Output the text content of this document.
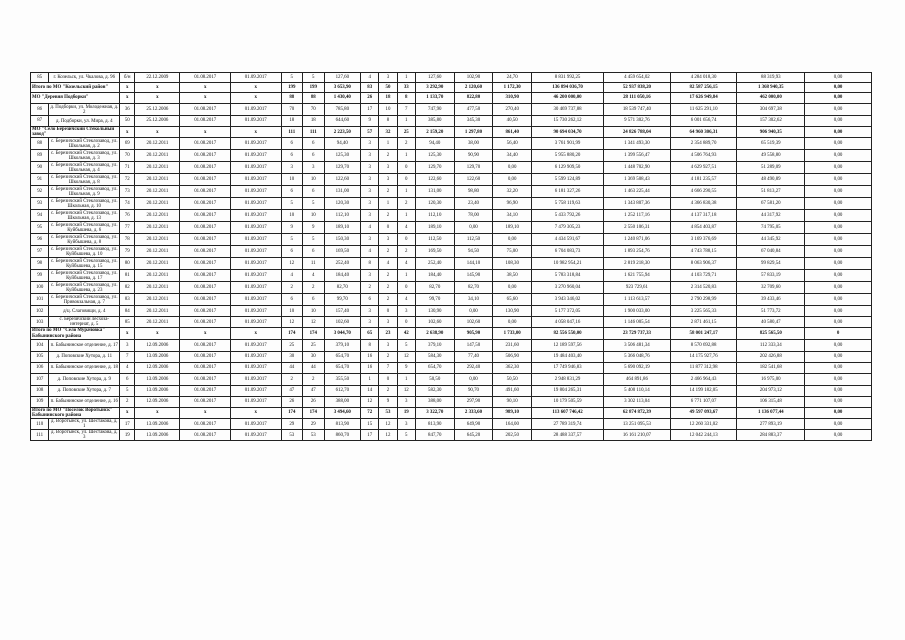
85	г. Козельск, ул. Чкалова, д. 96	б/н	22.12.2009	01.08.2017	01.09.2017	5	5	127,60	4	3	1	127,60	102,90	24,70	8 831 992,25	4 459 654,02	4 284 018,30	88 319,93	0,00
Итого по МО "Козельский район"		x	x	x	x	199	199	3 653,90	83	50	33	3 292,90	2 120,60	1 172,30	136 894 036,70	52 937 838,20	82 587 256,15	1 368 940,35	0,00
МО "Деревня Подборки"		x	x	x	x	88	88	1 430,40	26	18	8	1 133,70	822,80	310,90	46 200 000,00	28 111 050,16	17 626 949,84	462 000,00	0,00
86	д. Подборки, ул. Молодежная, д. 2	36	25.12.2006	01.08.2017	01.09.2017	70	70	785,80	17	10	7	747,90	477,50	270,40	30 469 737,88	18 539 747,40	11 625 291,10	304 697,38	0,00
87	д. Подборки, ул. Мира, д. 4	50	25.12.2006	01.08.2017	01.09.2017	18	18	644,60	9	8	1	385,80	345,30	40,50	15 730 262,12	9 571 302,76	6 001 656,74	157 302,62	0,00
МО "Село Березичский Стекольный завод"		x	x	x	x	111	111	2 223,50	57	32	25	2 159,20	1 297,80	861,40	90 694 034,70	24 826 788,04	64 960 306,31	906 940,35	0,00
88	с. Березичский Стеклозавод, ул. Школьная, д. 2	69	20.12.2011	01.08.2017	01.09.2017	6	6	94,40	3	1	2	94,40	38,00	56,40	3 761 901,99	1 341 493,30	2 354 889,70	65 519,39	0,00
89	с. Березичский Стеклозавод, ул. Школьная, д. 3	70	20.12.2011	01.08.2017	01.09.2017	6	6	125,30	3	2	1	125,30	90,90	34,40	5 955 880,20	1 399 556,47	4 506 764,93	49 558,80	0,00
90	с. Березичский Стеклозавод, ул. Школьная, д. 4	71	20.12.2011	01.08.2017	01.09.2017	3	3	129,70	3	3	0	129,70	129,70	0,00	6 129 909,50	1 448 702,90	4 629 927,51	51 289,09	0,00
91	с. Березичский Стеклозавод, ул. Школьная, д. 8	72	20.12.2011	01.08.2017	01.09.2017	10	10	122,60	3	3	0	122,60	122,60	0,00	5 599 124,89	1 369 508,43	4 181 235,57	48 490,89	0,00
92	с. Березичский Стеклозавод, ул. Школьная, д. 9	73	20.12.2011	01.08.2017	01.09.2017	6	6	131,00	3	2	1	131,00	98,80	32,20	6 181 327,26	1 463 225,44	4 666 290,55	51 813,27	0,00
93	с. Березичский Стеклозавод, ул. Школьная, д. 10	74	20.12.2011	01.08.2017	01.09.2017	5	5	120,30	3	1	2	120,30	23,40	96,90	5 758 119,63	1 343 807,36	4 366 830,38	67 581,20	0,00
94	с. Березичский Стеклозавод, ул. Школьная, д. 13	76	20.12.2011	01.08.2017	01.09.2017	10	10	112,10	3	2	1	112,10	78,00	34,10	5 433 792,26	1 252 117,16	4 137 317,18	44 317,92	0,00
95	с. Березичский Стеклозавод, ул. Куйбышева, д. 6	77	20.12.2011	01.08.2017	01.09.2017	9	9	189,10	4	0	4	189,10	0,00	189,10	7 479 305,23	2 550 106,31	4 854 403,87	74 795,05	0,00
96	с. Березичский Стеклозавод, ул. Куйбышева, д. 8	78	20.12.2011	01.08.2017	01.09.2017	5	5	150,30	3	3	0	112,50	112,50	0,00	4 434 591,67	1 240 871,06	3 169 376,69	44 345,92	0,00
97	с. Березичский Стеклозавод, ул. Куйбышева, д. 10	79	20.12.2011	01.08.2017	01.09.2017	6	6	169,50	4	2	2	169,50	94,50	75,00	6 704 083,73	1 893 254,76	4 743 788,15	67 040,84	0,00
98	с. Березичский Стеклозавод, ул. Куйбышева, д. 15	80	20.12.2011	01.08.2017	01.09.2017	12	11	252,40	8	4	4	252,40	144,10	108,30	10 982 954,21	2 819 218,30	8 063 906,37	99 829,54	0,00
99	с. Березичский Стеклозавод, ул. Куйбышева, д. 17	81	20.12.2011	01.08.2017	01.09.2017	4	4	184,40	3	2	1	184,40	145,90	38,50	5 783 318,84	1 621 755,94	4 103 729,71	57 833,19	0,00
100	с. Березичский Стеклозавод, ул. Куйбышева, д. 23	82	20.12.2011	01.08.2017	01.09.2017	2	2	82,70	2	2	0	82,70	82,70	0,00	3 270 960,04	923 729,61	2 314 520,83	32 709,60	0,00
101	с. Березичский Стеклозавод, ул. Привокзальная, д. 7	83	20.12.2011	01.08.2017	01.09.2017	6	6	99,70	6	2	4	99,70	34,10	65,60	3 943 346,02	1 113 613,57	2 790 298,99	39 433,46	0,00
102	д/ц. Слаговищи, д. 4	84	20.12.2011	01.08.2017	01.09.2017	10	10	157,40	3	0	3	130,90	0,00	130,90	5 177 372,05	1 900 033,00	3 225 565,33	51 773,72	0,00
103	с. Березичский лесхоза-интернат, д. 5	85	20.12.2011	01.08.2017	01.09.2017	12	12	102,60	3	3	0	102,60	102,60	0,00	4 058 047,16	1 146 005,54	2 871 461,15	40 580,47	0,00
Итого по МО "Село Мурачовка" Бабынинского района		x	x	x	x	174	174	3 044,70	65	23	42	2 638,90	905,90	1 733,00	82 556 550,00	23 729 737,33	58 001 247,17	825 565,50	0
104	п. Бабынинское отделение, д. 17	3	12.09.2006	01.08.2017	01.09.2017	25	25	379,10	8	3	5	379,10	147,50	231,60	12 189 597,56	3 506 481,34	8 570 692,88	112 333,34	0,00
105	д. Поповские Хутора, д. 11	7	13.09.2006	01.08.2017	01.09.2017	30	30	654,70	16	2	12	584,30	77,40	506,90	19 484 403,40	5 366 048,76	14 175 927,76	202 426,88	0,00
106	п. Бабынинское отделение, д. 18	4	12.09.2006	01.08.2017	01.09.2017	44	44	654,70	16	7	9	654,70	292,40	362,30	17 749 946,83	5 690 092,19	11 877 312,98	182 541,68	0,00
107	д. Поповские Хутора, д. 9	6	13.09.2006	01.08.2017	01.09.2017	2	2	355,50	1	0	1	50,50	0,00	50,50	2 948 831,29	464 891,86	2 466 964,43	16 975,00	0,00
108	д. Поповские Хутора, д. 7	5	13.09.2006	01.08.2017	01.09.2017	47	47	612,70	14	2	12	582,30	90,70	491,60	19 804 265,31	5 400 110,14	14 199 182,05	204 973,12	0,00
109	п. Бабынинское отделение, д. 16	2	12.09.2006	01.08.2017	01.09.2017	26	26	388,00	12	9	3	388,00	297,90	90,10	10 179 505,59	3 302 113,04	6 771 107,07	106 315,48	0,00
Итого по МО "Поселок Воротынск" Бабынинского района		x	x	x	x	174	174	3 494,60	72	53	19	3 322,70	2 333,60	989,10	113 607 746,42	62 874 872,39	49 597 093,67	1 136 077,44	0,00
110	д. Воротынск, ул. Шестакова, д. 1	17	13.09.2006	01.08.2017	01.09.2017	29	29	813,90	15	12	3	813,90	649,90	164,00	27 789 319,74	13 251 095,53	12 260 331,02	277 893,19	0,00
111	д. Воротынск, ул. Шестакова, д. 3	19	13.09.2006	01.08.2017	01.09.2017	53	53	860,70	17	12	5	847,70	645,20	202,50	28 488 337,57	16 161 210,07	12 042 244,13	284 883,37	0,00
